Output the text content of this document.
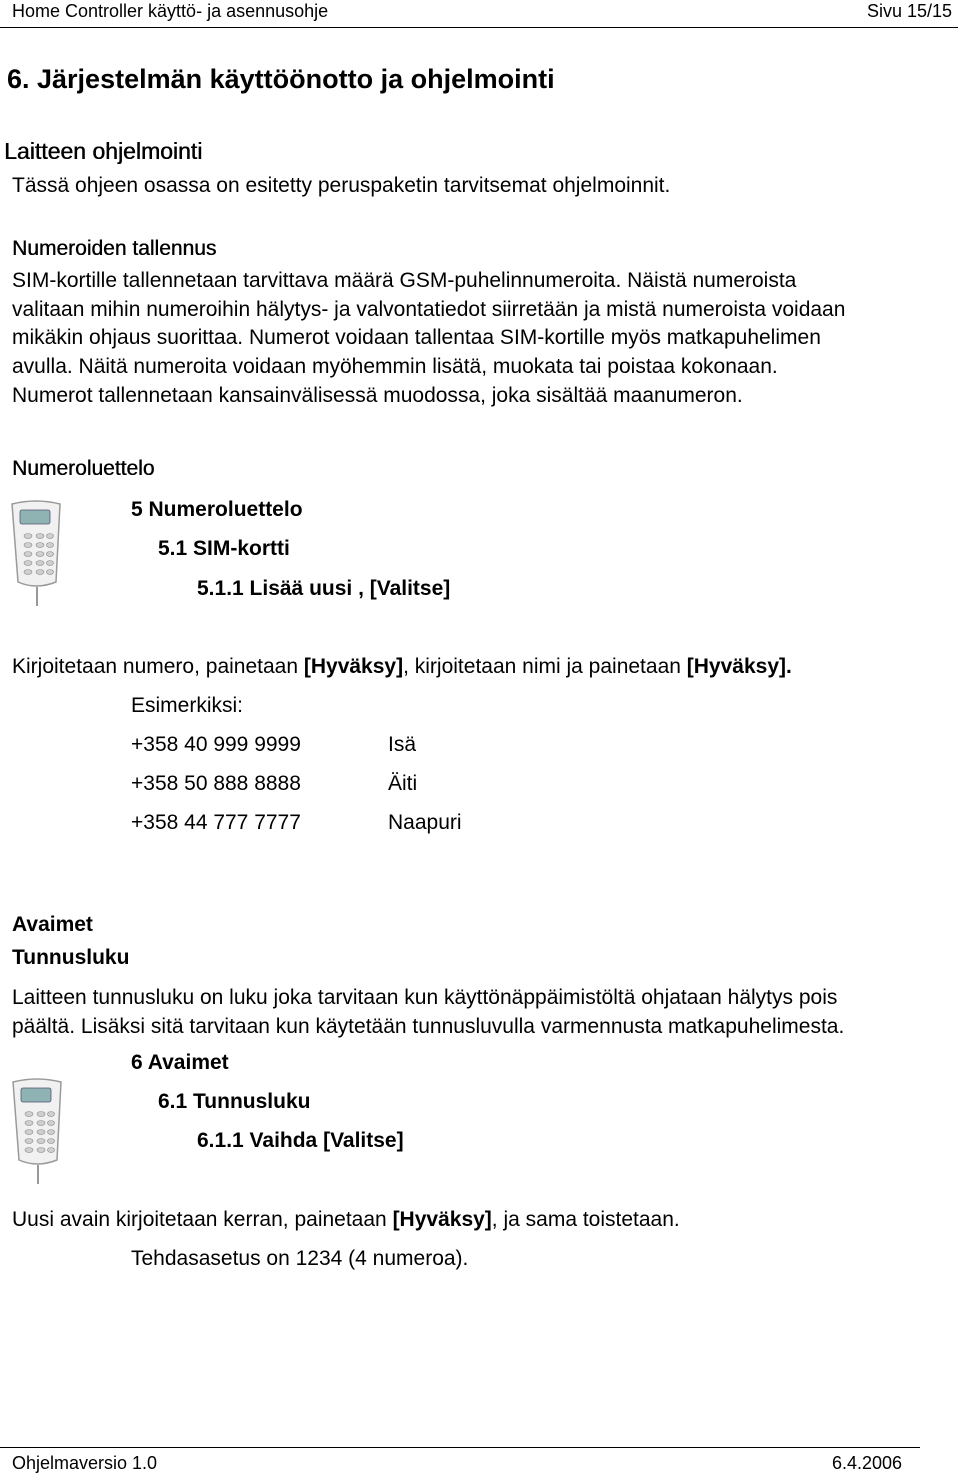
Home Controller käyttö- ja asennusohje	Sivu 15/15
6. Järjestelmän käyttöönotto ja ohjelmointi
Laitteen ohjelmointi
Tässä ohjeen osassa on esitetty peruspaketin tarvitsemat ohjelmoinnit.
Numeroiden tallennus
SIM-kortille tallennetaan tarvittava määrä GSM-puhelinnumeroita. Näistä numeroista
valitaan mihin numeroihin hälytys- ja valvontatiedot siirretään ja mistä numeroista voidaan
mikäkin ohjaus suorittaa. Numerot voidaan tallentaa SIM-kortille myös matkapuhelimen
avulla. Näitä numeroita voidaan myöhemmin lisätä, muokata tai poistaa kokonaan.
Numerot tallennetaan kansainvälisessä muodossa, joka sisältää maanumeron.
Numeroluettelo
5 Numeroluettelo
5.1 SIM-kortti
5.1.1 Lisää uusi , [Valitse]
Kirjoitetaan numero, painetaan [Hyväksy], kirjoitetaan nimi ja painetaan [Hyväksy].
Esimerkiksi:
+358 40 999 9999	Isä
+358 50 888 8888	Äiti
+358 44 777 7777	Naapuri
Avaimet
Tunnusluku
Laitteen tunnusluku on luku joka tarvitaan kun käyttönäppäimistöltä ohjataan hälytys pois
päältä. Lisäksi sitä tarvitaan kun käytetään tunnusluvulla varmennusta matkapuhelimesta.
6 Avaimet
6.1 Tunnusluku
6.1.1 Vaihda [Valitse]
Uusi avain kirjoitetaan kerran, painetaan [Hyväksy], ja sama toistetaan.
Tehdasasetus on 1234 (4 numeroa).
Ohjelmaversio 1.0	6.4.2006
